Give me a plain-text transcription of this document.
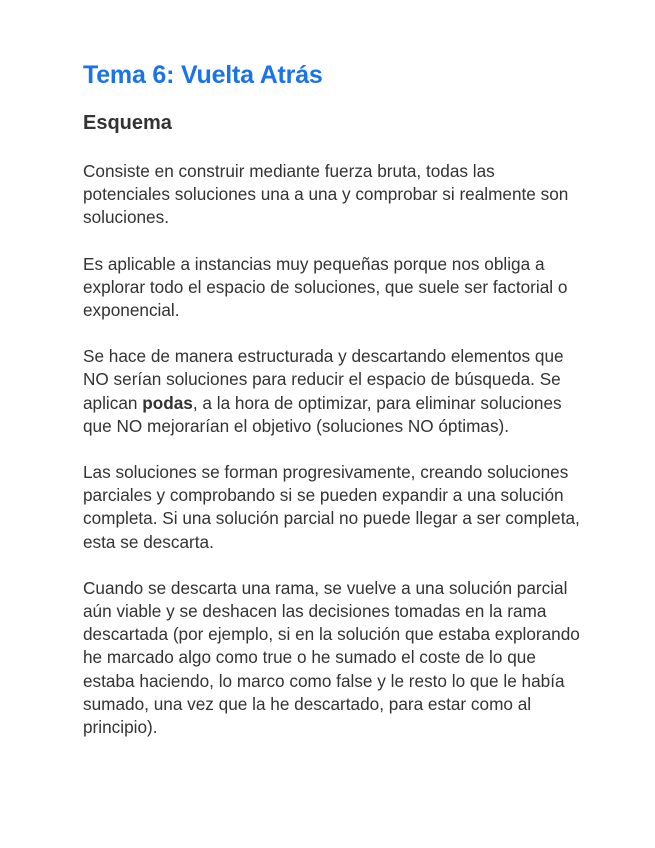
Tema 6: Vuelta Atrás
Esquema

Consiste en construir mediante fuerza bruta, todas las potenciales soluciones una a una y comprobar si realmente son soluciones.

Es aplicable a instancias muy pequeñas porque nos obliga a explorar todo el espacio de soluciones, que suele ser factorial o exponencial.

Se hace de manera estructurada y descartando elementos que NO serían soluciones para reducir el espacio de búsqueda. Se aplican podas, a la hora de optimizar, para eliminar soluciones que NO mejorarían el objetivo (soluciones NO óptimas).

Las soluciones se forman progresivamente, creando soluciones parciales y comprobando si se pueden expandir a una solución completa. Si una solución parcial no puede llegar a ser completa, esta se descarta.

Cuando se descarta una rama, se vuelve a una solución parcial aún viable y se deshacen las decisiones tomadas en la rama descartada (por ejemplo, si en la solución que estaba explorando he marcado algo como true o he sumado el coste de lo que estaba haciendo, lo marco como false y le resto lo que le había sumado, una vez que la he descartado, para estar como al principio).
